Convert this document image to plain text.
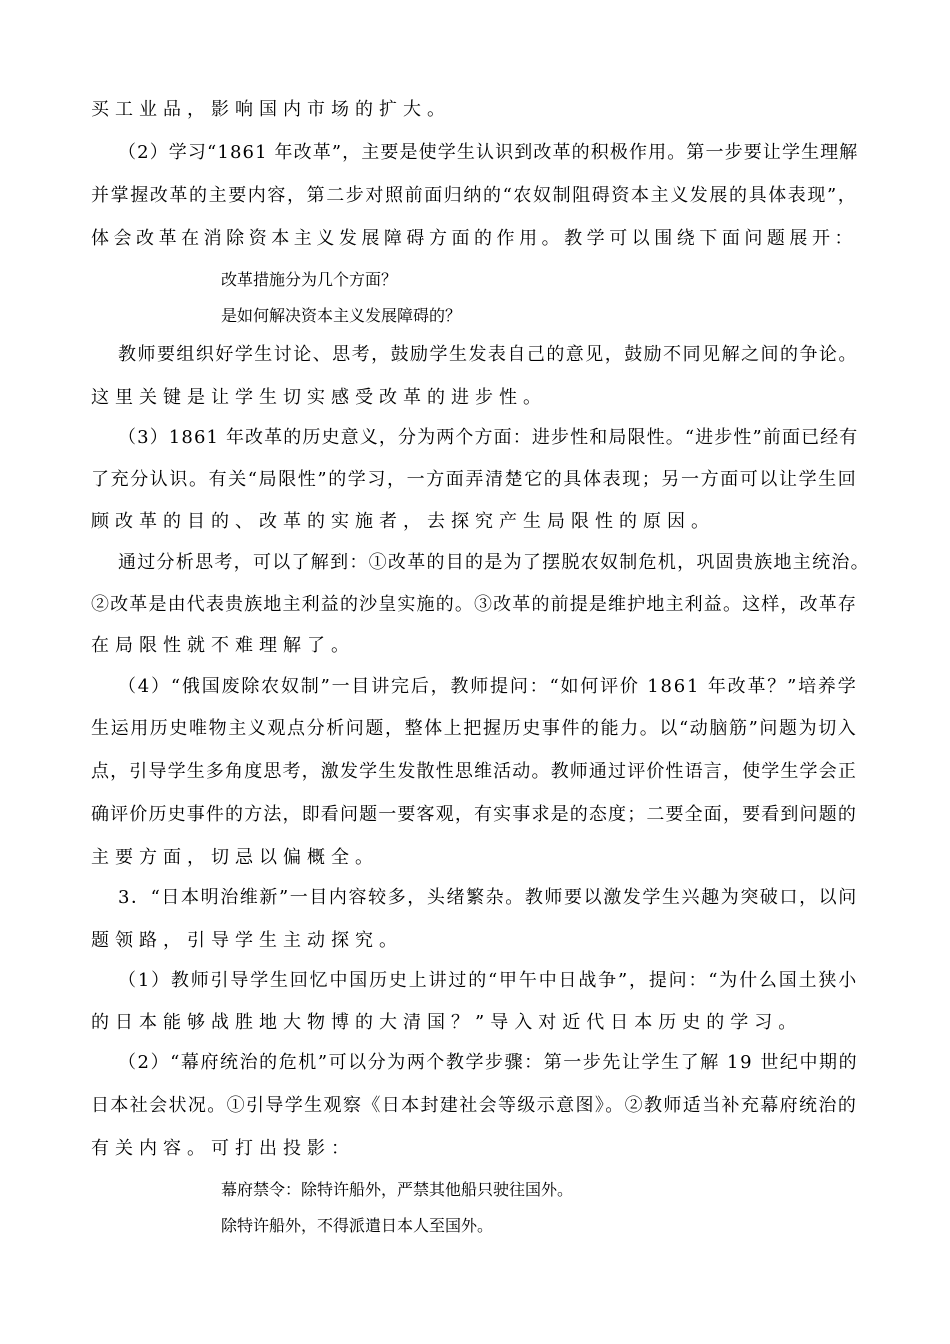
买工业品，影响国内市场的扩大。
（2）学习“1861 年改革”，主要是使学生认识到改革的积极作用。第一步要让学生理解
并掌握改革的主要内容，第二步对照前面归纳的“农奴制阻碍资本主义发展的具体表现”，
体会改革在消除资本主义发展障碍方面的作用。教学可以围绕下面问题展开：
改革措施分为几个方面？
是如何解决资本主义发展障碍的？
教师要组织好学生讨论、思考，鼓励学生发表自己的意见，鼓励不同见解之间的争论。
这里关键是让学生切实感受改革的进步性。
（3）1861 年改革的历史意义，分为两个方面：进步性和局限性。“进步性”前面已经有
了充分认识。有关“局限性”的学习，一方面弄清楚它的具体表现；另一方面可以让学生回
顾改革的目的、改革的实施者，去探究产生局限性的原因。
通过分析思考，可以了解到：①改革的目的是为了摆脱农奴制危机，巩固贵族地主统治。
②改革是由代表贵族地主利益的沙皇实施的。③改革的前提是维护地主利益。这样，改革存
在局限性就不难理解了。
（4）“俄国废除农奴制”一目讲完后，教师提问：“如何评价 1861 年改革？”培养学
生运用历史唯物主义观点分析问题，整体上把握历史事件的能力。以“动脑筋”问题为切入
点，引导学生多角度思考，激发学生发散性思维活动。教师通过评价性语言，使学生学会正
确评价历史事件的方法，即看问题一要客观，有实事求是的态度；二要全面，要看到问题的
主要方面，切忌以偏概全。
3．“日本明治维新”一目内容较多，头绪繁杂。教师要以激发学生兴趣为突破口，以问
题领路，引导学生主动探究。
（1）教师引导学生回忆中国历史上讲过的“甲午中日战争”，提问：“为什么国土狭小
的日本能够战胜地大物博的大清国？”导入对近代日本历史的学习。
（2）“幕府统治的危机”可以分为两个教学步骤：第一步先让学生了解 19 世纪中期的
日本社会状况。①引导学生观察《日本封建社会等级示意图》。②教师适当补充幕府统治的
有关内容。可打出投影：
幕府禁令：除特许船外，严禁其他船只驶往国外。
除特许船外，不得派遣日本人至国外。
